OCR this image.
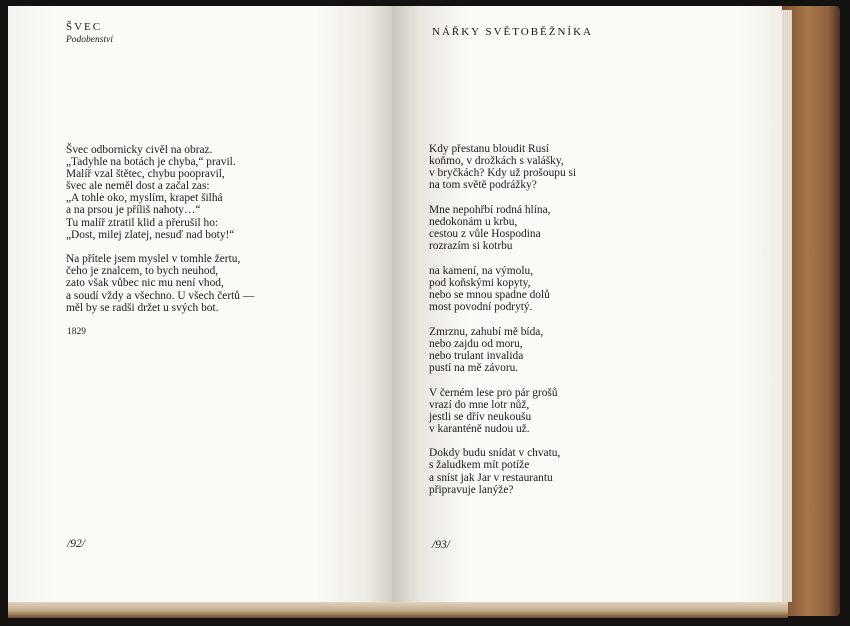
ŠVEC

Podobenství

Švec odbornicky civěl na obraz.
„Tadyhle na botách je chyba,“ pravil.
Malíř vzal štětec, chybu poopravil,
švec ale neměl dost a začal zas:
„A tohle oko, myslím, krapet šilhá
a na prsou je příliš nahoty…“
Tu malíř ztratil klid a přerušil ho:
„Dost, milej zlatej, nesuď nad boty!“
Na přítele jsem myslel v tomhle žertu,
čeho je znalcem, to bych neuhod,
zato však vůbec nic mu není vhod,
a soudí vždy a všechno. U všech čertů —
měl by se radši držet u svých bot.
1829
/92/
NÁŘKY SVĚTOBĚŽNÍKA
Kdy přestanu bloudit Rusí
koňmo, v drožkách s valášky,
v bryčkách? Kdy už prošoupu si
na tom světě podrážky?
Mne nepohřbí rodná hlína,
nedokonám u krbu,
cestou z vůle Hospodina
rozrazím si kotrbu
na kamení, na výmolu,
pod koňskými kopyty,
nebo se mnou spadne dolů
most povodní podrytý.
Zmrznu, zahubí mě bída,
nebo zajdu od moru,
nebo trulant invalida
pustí na mě závoru.
V černém lese pro pár grošů
vrazí do mne lotr nůž,
jestli se dřív neukoušu
v karanténě nudou už.
Dokdy budu snídat v chvatu,
s žaludkem mít potíže
a sníst jak Jar v restaurantu
připravuje lanýže?
/93/
